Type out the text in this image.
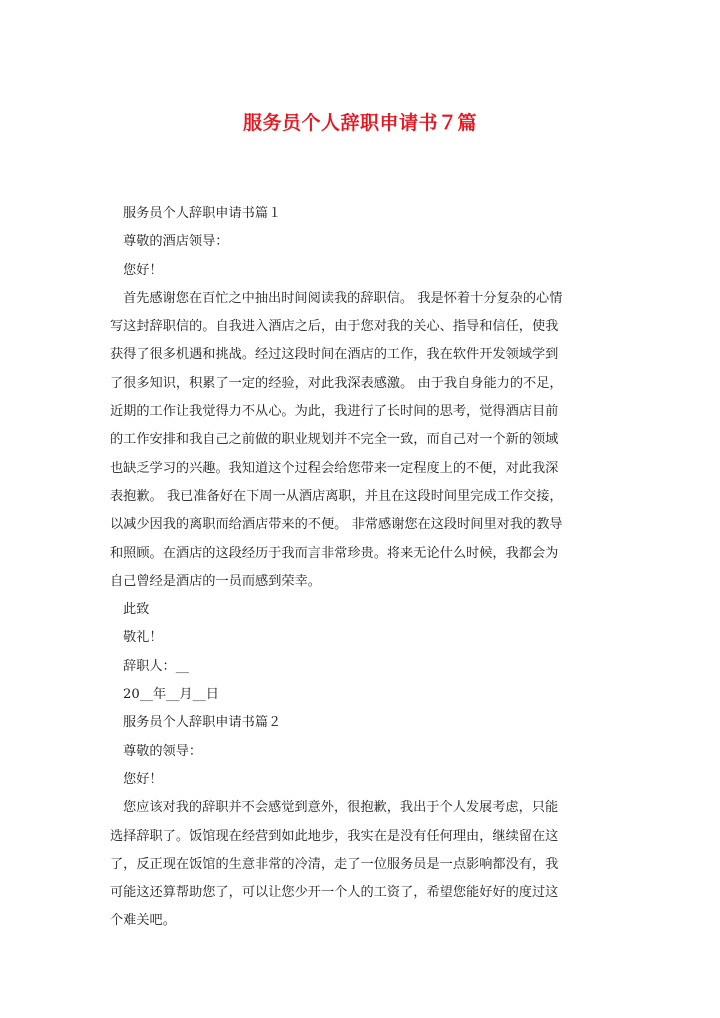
服务员个人辞职申请书７篇
服务员个人辞职申请书篇１
尊敬的酒店领导：
您好！
首先感谢您在百忙之中抽出时间阅读我的辞职信。 我是怀着十分复杂的心情
写这封辞职信的。自我进入酒店之后，由于您对我的关心、指导和信任，使我
获得了很多机遇和挑战。经过这段时间在酒店的工作，我在软件开发领域学到
了很多知识，积累了一定的经验，对此我深表感激。 由于我自身能力的不足，
近期的工作让我觉得力不从心。为此，我进行了长时间的思考，觉得酒店目前
的工作安排和我自己之前做的职业规划并不完全一致，而自己对一个新的领域
也缺乏学习的兴趣。我知道这个过程会给您带来一定程度上的不便，对此我深
表抱歉。 我已准备好在下周一从酒店离职，并且在这段时间里完成工作交接，
以减少因我的离职而给酒店带来的不便。 非常感谢您在这段时间里对我的教导
和照顾。在酒店的这段经历于我而言非常珍贵。将来无论什么时候，我都会为
自己曾经是酒店的一员而感到荣幸。
此致
敬礼！
辞职人：__
20__年__月__日
服务员个人辞职申请书篇２
尊敬的领导：
您好！
您应该对我的辞职并不会感觉到意外，很抱歉，我出于个人发展考虑，只能
选择辞职了。饭馆现在经营到如此地步，我实在是没有任何理由，继续留在这
了，反正现在饭馆的生意非常的冷清，走了一位服务员是一点影响都没有，我
可能这还算帮助您了，可以让您少开一个人的工资了，希望您能好好的度过这
个难关吧。
